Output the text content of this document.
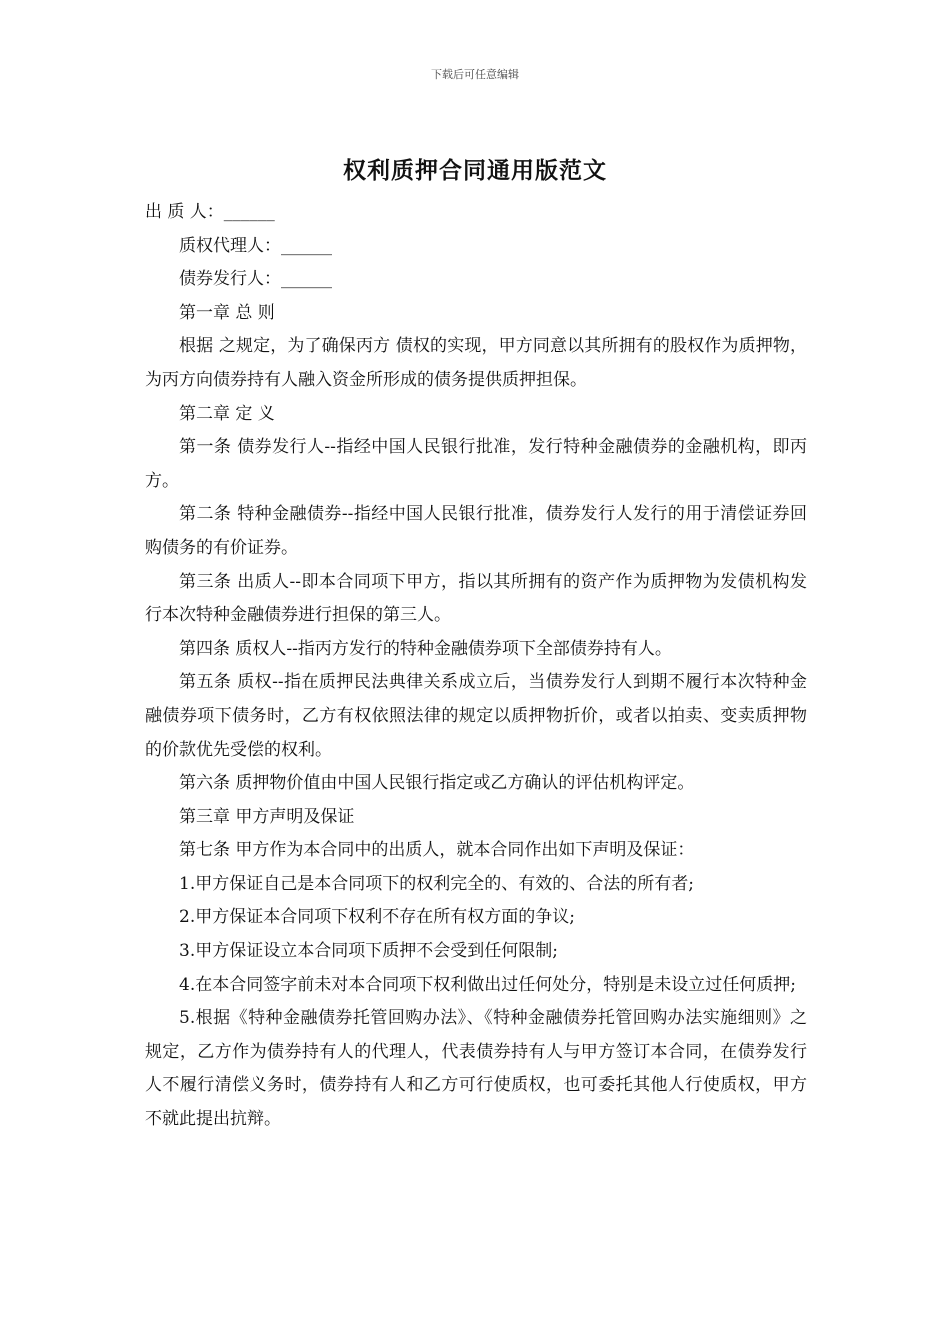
下载后可任意编辑
权利质押合同通用版范文

出 质 人：______

质权代理人：______

债券发行人：______

第一章 总 则

根据 之规定，为了确保丙方 债权的实现，甲方同意以其所拥有的股权作为质押物，为丙方向债券持有人融入资金所形成的债务提供质押担保。

第二章 定 义

第一条 债券发行人--指经中国人民银行批准，发行特种金融债券的金融机构，即丙方。

第二条 特种金融债券--指经中国人民银行批准，债券发行人发行的用于清偿证券回购债务的有价证券。

第三条 出质人--即本合同项下甲方，指以其所拥有的资产作为质押物为发债机构发行本次特种金融债券进行担保的第三人。

第四条 质权人--指丙方发行的特种金融债券项下全部债券持有人。

第五条 质权--指在质押民法典律关系成立后，当债券发行人到期不履行本次特种金融债券项下债务时，乙方有权依照法律的规定以质押物折价，或者以拍卖、变卖质押物的价款优先受偿的权利。

第六条 质押物价值由中国人民银行指定或乙方确认的评估机构评定。

第三章 甲方声明及保证

第七条 甲方作为本合同中的出质人，就本合同作出如下声明及保证：

1.甲方保证自己是本合同项下的权利完全的、有效的、合法的所有者;

2.甲方保证本合同项下权利不存在所有权方面的争议;

3.甲方保证设立本合同项下质押不会受到任何限制;

4.在本合同签字前未对本合同项下权利做出过任何处分，特别是未设立过任何质押;

5.根据《特种金融债券托管回购办法》、《特种金融债券托管回购办法实施细则》之规定，乙方作为债券持有人的代理人，代表债券持有人与甲方签订本合同，在债券发行人不履行清偿义务时，债券持有人和乙方可行使质权，也可委托其他人行使质权，甲方不就此提出抗辩。
